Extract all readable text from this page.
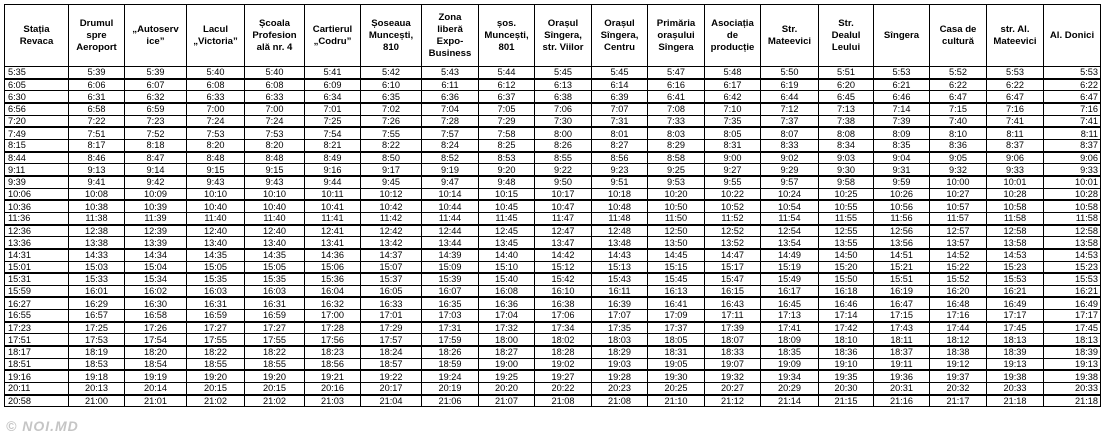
Stația
Revaca	Drumul
spre
Aeroport	„Autoserv
ice”	Lacul
„Victoria”	Școala
Profesion
ală nr. 4	Cartierul
„Codru”	Șoseaua
Muncești,
810	Zona
liberă
Expo-
Business	șos.
Muncești,
801	Orașul
Sîngera,
str. Viilor	Orașul
Sîngera,
Centru	Primăria
orașului
Sîngera	Asociația
de
producție	Str.
Mateevici	Str.
Dealul
Leului	Sîngera	Casa de
cultură	str. Al.
Mateevici	Al. Donici
5:35	5:39	5:39	5:40	5:40	5:41	5:42	5:43	5:44	5:45	5:45	5:47	5:48	5:50	5:51	5:53	5:52	5:53	5:53
6:05	6:06	6:07	6:08	6:08	6:09	6:10	6:11	6:12	6:13	6:14	6:16	6:17	6:19	6:20	6:21	6:22	6:22	6:22
6:30	6:31	6:32	6:33	6:33	6:34	6:35	6:36	6:37	6:38	6:39	6:41	6:42	6:44	6:45	6:46	6:47	6:47	6:47
6:56	6:58	6:59	7:00	7:00	7:01	7:02	7:04	7:05	7:06	7:07	7:08	7:10	7:12	7:13	7:14	7:15	7:16	7:16
7:20	7:22	7:23	7:24	7:24	7:25	7:26	7:28	7:29	7:30	7:31	7:33	7:35	7:37	7:38	7:39	7:40	7:41	7:41
7:49	7:51	7:52	7:53	7:53	7:54	7:55	7:57	7:58	8:00	8:01	8:03	8:05	8:07	8:08	8:09	8:10	8:11	8:11
8:15	8:17	8:18	8:20	8:20	8:21	8:22	8:24	8:25	8:26	8:27	8:29	8:31	8:33	8:34	8:35	8:36	8:37	8:37
8:44	8:46	8:47	8:48	8:48	8:49	8:50	8:52	8:53	8:55	8:56	8:58	9:00	9:02	9:03	9:04	9:05	9:06	9:06
9:11	9:13	9:14	9:15	9:15	9:16	9:17	9:19	9:20	9:22	9:23	9:25	9:27	9:29	9:30	9:31	9:32	9:33	9:33
9:39	9:41	9:42	9:43	9:43	9:44	9:45	9:47	9:48	9:50	9:51	9:53	9:55	9:57	9:58	9:59	10:00	10:01	10:01
10:06	10:08	10:09	10:10	10:10	10:11	10:12	10:14	10:15	10:17	10:18	10:20	10:22	10:24	10:25	10:26	10:27	10:28	10:28
10:36	10:38	10:39	10:40	10:40	10:41	10:42	10:44	10:45	10:47	10:48	10:50	10:52	10:54	10:55	10:56	10:57	10:58	10:58
11:36	11:38	11:39	11:40	11:40	11:41	11:42	11:44	11:45	11:47	11:48	11:50	11:52	11:54	11:55	11:56	11:57	11:58	11:58
12:36	12:38	12:39	12:40	12:40	12:41	12:42	12:44	12:45	12:47	12:48	12:50	12:52	12:54	12:55	12:56	12:57	12:58	12:58
13:36	13:38	13:39	13:40	13:40	13:41	13:42	13:44	13:45	13:47	13:48	13:50	13:52	13:54	13:55	13:56	13:57	13:58	13:58
14:31	14:33	14:34	14:35	14:35	14:36	14:37	14:39	14:40	14:42	14:43	14:45	14:47	14:49	14:50	14:51	14:52	14:53	14:53
15:01	15:03	15:04	15:05	15:05	15:06	15:07	15:09	15:10	15:12	15:13	15:15	15:17	15:19	15:20	15:21	15:22	15:23	15:23
15:31	15:33	15:34	15:35	15:35	15:36	15:37	15:39	15:40	15:42	15:43	15:45	15:47	15:49	15:50	15:51	15:52	15:53	15:53
15:59	16:01	16:02	16:03	16:03	16:04	16:05	16:07	16:08	16:10	16:11	16:13	16:15	16:17	16:18	16:19	16:20	16:21	16:21
16:27	16:29	16:30	16:31	16:31	16:32	16:33	16:35	16:36	16:38	16:39	16:41	16:43	16:45	16:46	16:47	16:48	16:49	16:49
16:55	16:57	16:58	16:59	16:59	17:00	17:01	17:03	17:04	17:06	17:07	17:09	17:11	17:13	17:14	17:15	17:16	17:17	17:17
17:23	17:25	17:26	17:27	17:27	17:28	17:29	17:31	17:32	17:34	17:35	17:37	17:39	17:41	17:42	17:43	17:44	17:45	17:45
17:51	17:53	17:54	17:55	17:55	17:56	17:57	17:59	18:00	18:02	18:03	18:05	18:07	18:09	18:10	18:11	18:12	18:13	18:13
18:17	18:19	18:20	18:22	18:22	18:23	18:24	18:26	18:27	18:28	18:29	18:31	18:33	18:35	18:36	18:37	18:38	18:39	18:39
18:51	18:53	18:54	18:55	18:55	18:56	18:57	18:59	19:00	19:02	19:03	19:05	19:07	19:09	19:10	19:11	19:12	19:13	19:13
19:16	19:18	19:19	19:20	19:20	19:21	19:22	19:24	19:25	19:27	19:28	19:30	19:32	19:34	19:35	19:36	19:37	19:38	19:38
20:11	20:13	20:14	20:15	20:15	20:16	20:17	20:19	20:20	20:22	20:23	20:25	20:27	20:29	20:30	20:31	20:32	20:33	20:33
20:58	21:00	21:01	21:02	21:02	21:03	21:04	21:06	21:07	21:08	21:08	21:10	21:12	21:14	21:15	21:16	21:17	21:18	21:18
© NOI.MD
